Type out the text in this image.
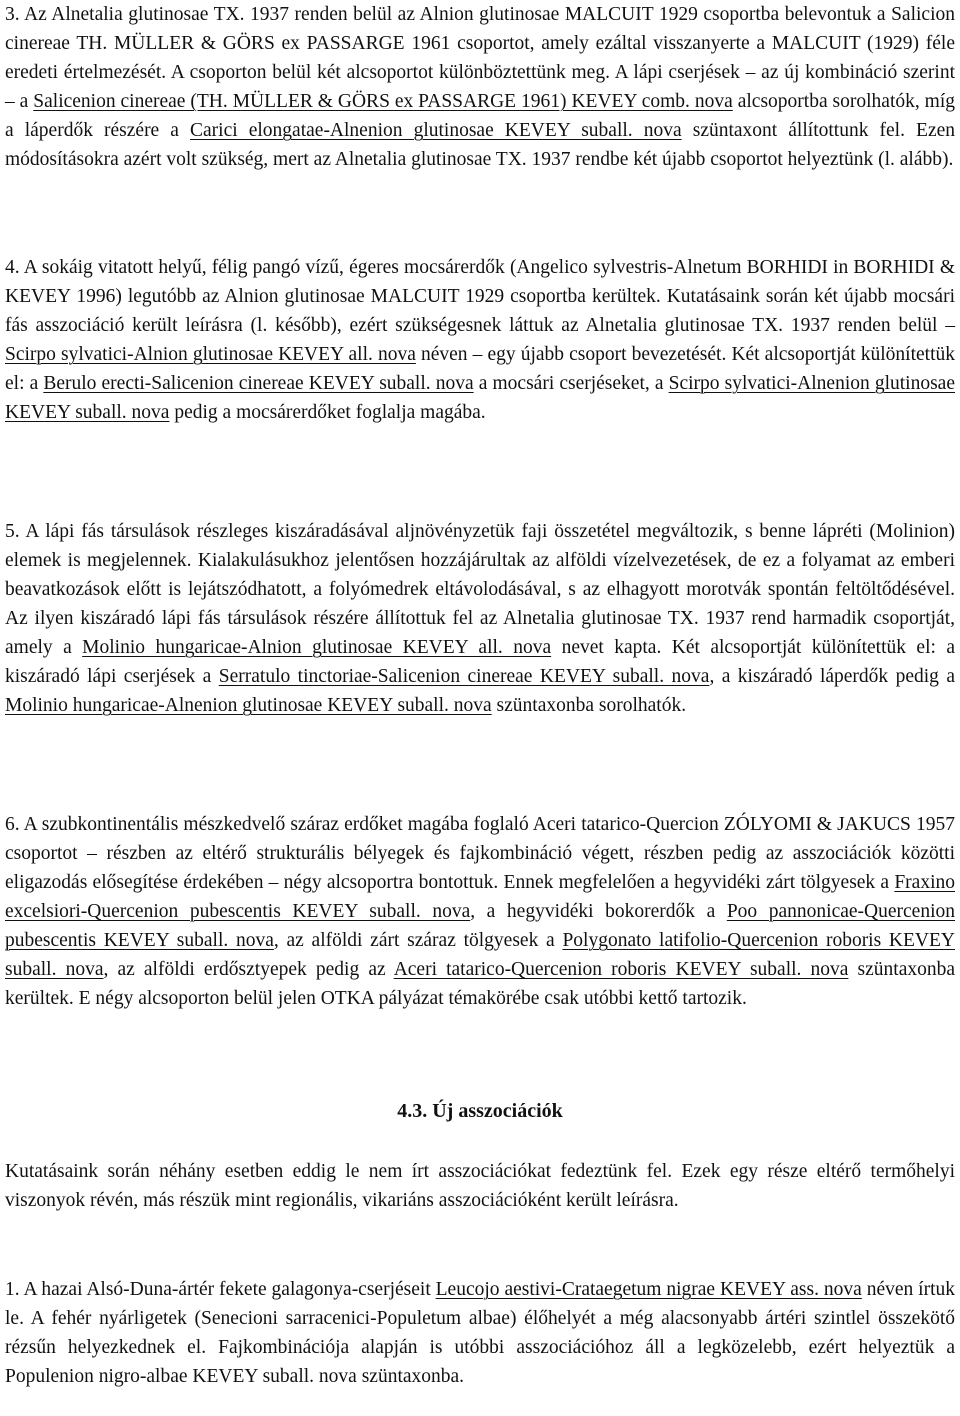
3. Az Alnetalia glutinosae TX. 1937 renden belül az Alnion glutinosae MALCUIT 1929 csoportba belevontuk a Salicion cinereae TH. MÜLLER & GÖRS ex PASSARGE 1961 csoportot, amely ezáltal visszanyerte a MALCUIT (1929) féle eredeti értelmezését. A csoporton belül két alcsoportot különböztettünk meg. A lápi cserjések – az új kombináció szerint – a Salicenion cinereae (TH. MÜLLER & GÖRS ex PASSARGE 1961) KEVEY comb. nova alcsoportba sorolhatók, míg a láperdők részére a Carici elongatae-Alnenion glutinosae KEVEY suball. nova szüntaxont állítottunk fel. Ezen módosításokra azért volt szükség, mert az Alnetalia glutinosae TX. 1937 rendbe két újabb csoportot helyeztünk (l. alább).

4. A sokáig vitatott helyű, félig pangó vízű, égeres mocsárerdők (Angelico sylvestris-Alnetum BORHIDI in BORHIDI & KEVEY 1996) legutóbb az Alnion glutinosae MALCUIT 1929 csoportba kerültek. Kutatásaink során két újabb mocsári fás asszociáció került leírásra (l. később), ezért szükségesnek láttuk az Alnetalia glutinosae TX. 1937 renden belül – Scirpo sylvatici-Alnion glutinosae KEVEY all. nova néven – egy újabb csoport bevezetését. Két alcsoportját különítettük el: a Berulo erecti-Salicenion cinereae KEVEY suball. nova a mocsári cserjéseket, a Scirpo sylvatici-Alnenion glutinosae KEVEY suball. nova pedig a mocsárerdőket foglalja magába.

5. A lápi fás társulások részleges kiszáradásával aljnövényzetük faji összetétel megváltozik, s benne lápréti (Molinion) elemek is megjelennek. Kialakulásukhoz jelentősen hozzájárultak az alföldi vízelvezetések, de ez a folyamat az emberi beavatkozások előtt is lejátszódhatott, a folyómedrek eltávolodásával, s az elhagyott morotvák spontán feltöltődésével. Az ilyen kiszáradó lápi fás társulások részére állítottuk fel az Alnetalia glutinosae TX. 1937 rend harmadik csoportját, amely a Molinio hungaricae-Alnion glutinosae KEVEY all. nova nevet kapta. Két alcsoportját különítettük el: a kiszáradó lápi cserjések a Serratulo tinctoriae-Salicenion cinereae KEVEY suball. nova, a kiszáradó láperdők pedig a Molinio hungaricae-Alnenion glutinosae KEVEY suball. nova szüntaxonba sorolhatók.

6. A szubkontinentális mészkedvelő száraz erdőket magába foglaló Aceri tatarico-Quercion ZÓLYOMI & JAKUCS 1957 csoportot – részben az eltérő strukturális bélyegek és fajkombináció végett, részben pedig az asszociációk közötti eligazodás elősegítése érdekében – négy alcsoportra bontottuk. Ennek megfelelően a hegyvidéki zárt tölgyesek a Fraxino excelsiori-Quercenion pubescentis KEVEY suball. nova, a hegyvidéki bokorerdők a Poo pannonicae-Quercenion pubescentis KEVEY suball. nova, az alföldi zárt száraz tölgyesek a Polygonato latifolio-Quercenion roboris KEVEY suball. nova, az alföldi erdősztyepek pedig az Aceri tatarico-Quercenion roboris KEVEY suball. nova szüntaxonba kerültek. E négy alcsoporton belül jelen OTKA pályázat témakörébe csak utóbbi kettő tartozik.

4.3. Új asszociációk

Kutatásaink során néhány esetben eddig le nem írt asszociációkat fedeztünk fel. Ezek egy része eltérő termőhelyi viszonyok révén, más részük mint regionális, vikariáns asszociációként került leírásra.

1. A hazai Alsó-Duna-ártér fekete galagonya-cserjéseit Leucojo aestivi-Crataegetum nigrae KEVEY ass. nova néven írtuk le. A fehér nyárligetek (Senecioni sarracenici-Populetum albae) élőhelyét a még alacsonyabb ártéri szintlel összekötő rézsűn helyezkednek el. Fajkombinációja alapján is utóbbi asszociációhoz áll a legközelebb, ezért helyeztük a Populenion nigro-albae KEVEY suball. nova szüntaxonba.
